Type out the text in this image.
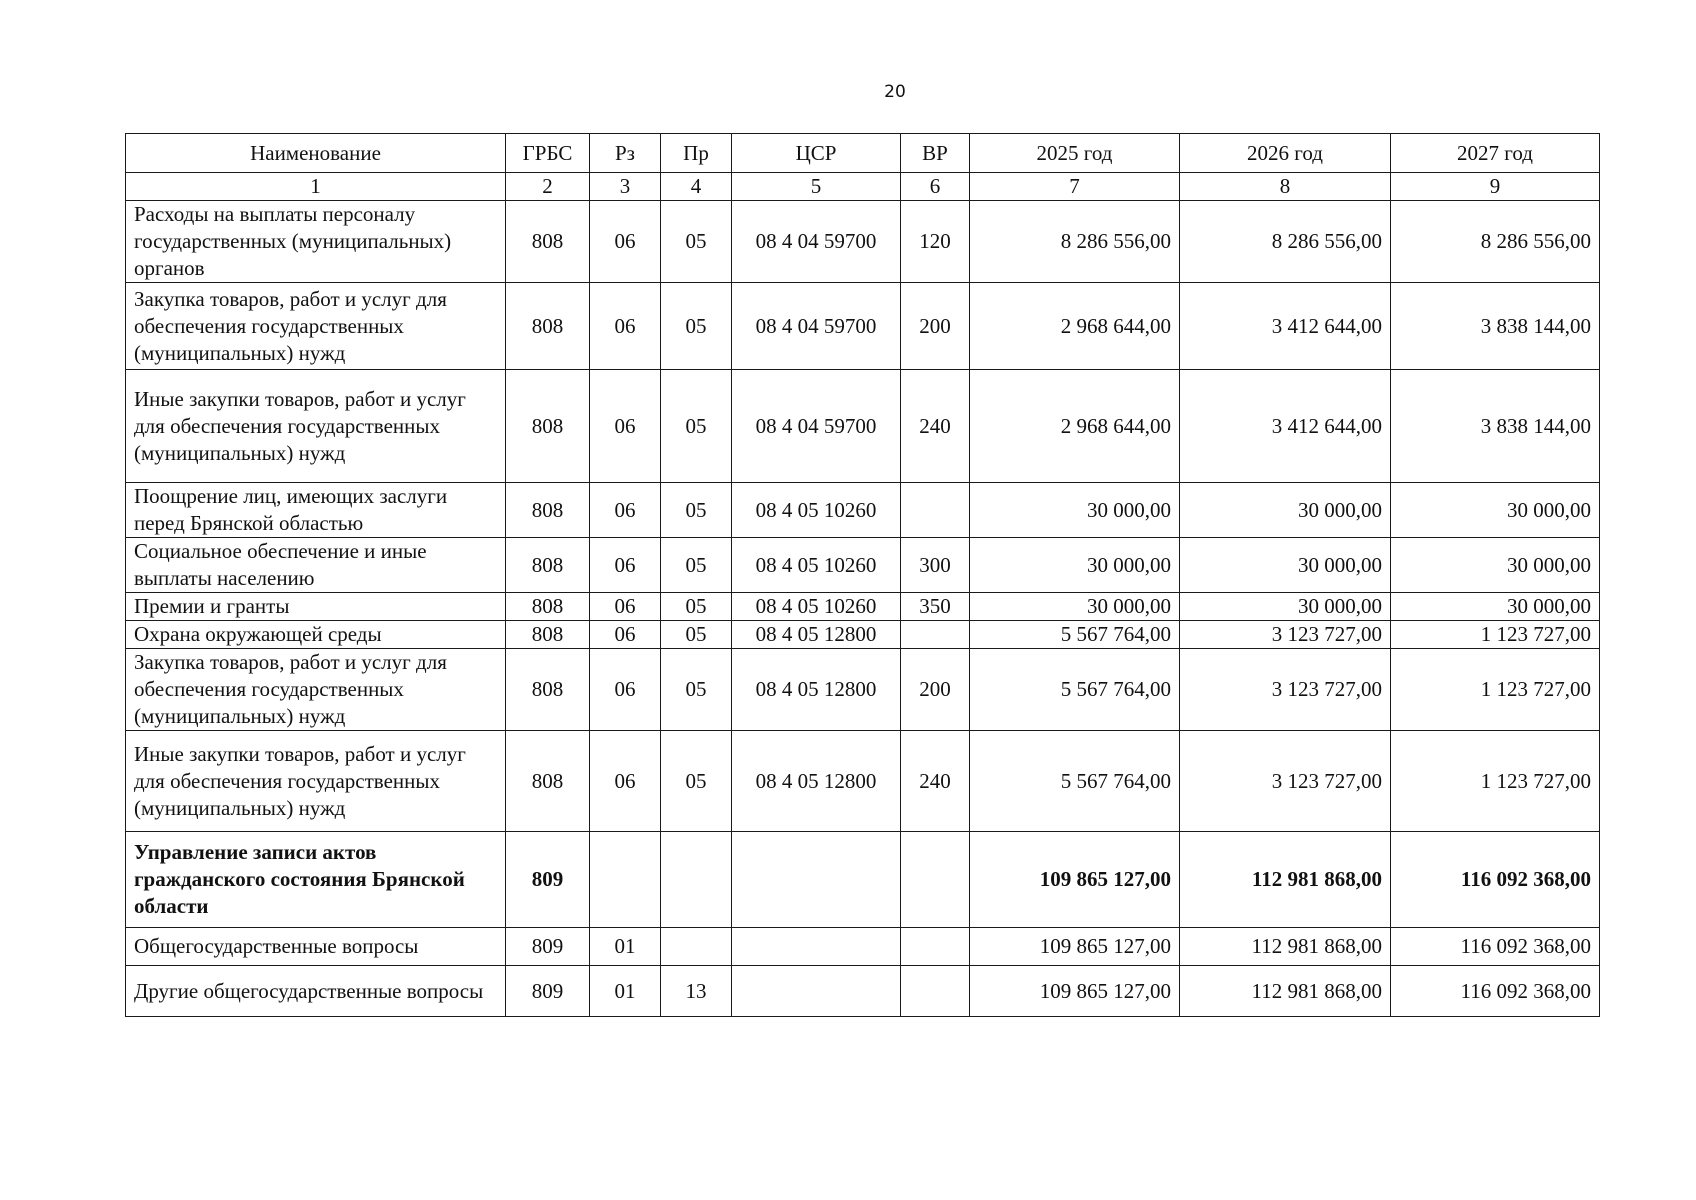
20
Наименование	ГРБС	Рз	Пр	ЦСР	ВР	2025 год	2026 год	2027 год
1	2	3	4	5	6	7	8	9
Расходы на выплаты персоналу государственных (муниципальных) органов	808	06	05	08 4 04 59700	120	8 286 556,00	8 286 556,00	8 286 556,00
Закупка товаров, работ и услуг для обеспечения государственных (муниципальных) нужд	808	06	05	08 4 04 59700	200	2 968 644,00	3 412 644,00	3 838 144,00
Иные закупки товаров, работ и услуг для обеспечения государственных (муниципальных) нужд	808	06	05	08 4 04 59700	240	2 968 644,00	3 412 644,00	3 838 144,00
Поощрение лиц, имеющих заслуги перед Брянской областью	808	06	05	08 4 05 10260		30 000,00	30 000,00	30 000,00
Социальное обеспечение и иные выплаты населению	808	06	05	08 4 05 10260	300	30 000,00	30 000,00	30 000,00
Премии и гранты	808	06	05	08 4 05 10260	350	30 000,00	30 000,00	30 000,00
Охрана окружающей среды	808	06	05	08 4 05 12800		5 567 764,00	3 123 727,00	1 123 727,00
Закупка товаров, работ и услуг для обеспечения государственных (муниципальных) нужд	808	06	05	08 4 05 12800	200	5 567 764,00	3 123 727,00	1 123 727,00
Иные закупки товаров, работ и услуг для обеспечения государственных (муниципальных) нужд	808	06	05	08 4 05 12800	240	5 567 764,00	3 123 727,00	1 123 727,00
Управление записи актов гражданского состояния Брянской области	809					109 865 127,00	112 981 868,00	116 092 368,00
Общегосударственные вопросы	809	01				109 865 127,00	112 981 868,00	116 092 368,00
Другие общегосударственные вопросы	809	01	13			109 865 127,00	112 981 868,00	116 092 368,00
